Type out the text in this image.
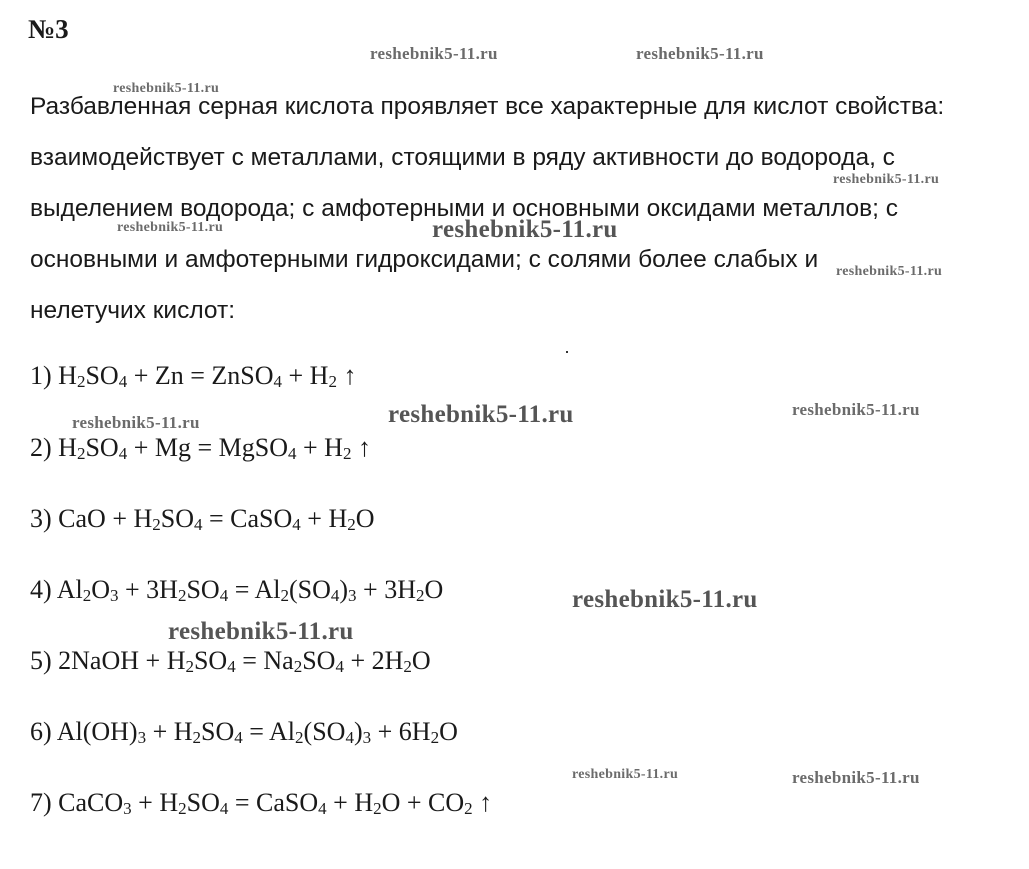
№3
Разбавленная серная кислота проявляет все характерные для кислот свойства:
взаимодействует с металлами, стоящими в ряду активности до водорода, с
выделением водорода; с амфотерными и основными оксидами металлов; с
основными и амфотерными гидроксидами; с солями более слабых и
нелетучих кислот:
1) $H_2SO_4 + Zn$ = ZnSO$_4$ + $H_2$ ↑
2) $H_2SO_4 + Mg$ = MgSO$_4$ + $H_2$ ↑
3) CaO + $H_2SO_4$ = CaSO$_4$ + $H_2O$
4) $Al_2O_3 + 3H_2SO_4 = Al_2(SO_4)_3 + 3H_2O$
5) 2NaOH + $H_2SO_4 = Na_2SO_4 + 2H_2O$
6) $Al(OH)_3 + H_2SO_4 = Al_2(SO_4)_3 + 6H_2O$
7) CaCO$_3$ + $H_2SO_4$ = CaSO$_4$ + $H_2O + CO_2$ ↑
reshebnik5-11.ru	reshebnik5-11.ru
reshebnik5-11.ru
reshebnik5-11.ru
reshebnik5-11.ru	reshebnik5-11.ru
reshebnik5-11.ru
reshebnik5-11.ru	reshebnik5-11.ru	reshebnik5-11.ru
reshebnik5-11.ru
reshebnik5-11.ru
reshebnik5-11.ru	reshebnik5-11.ru
